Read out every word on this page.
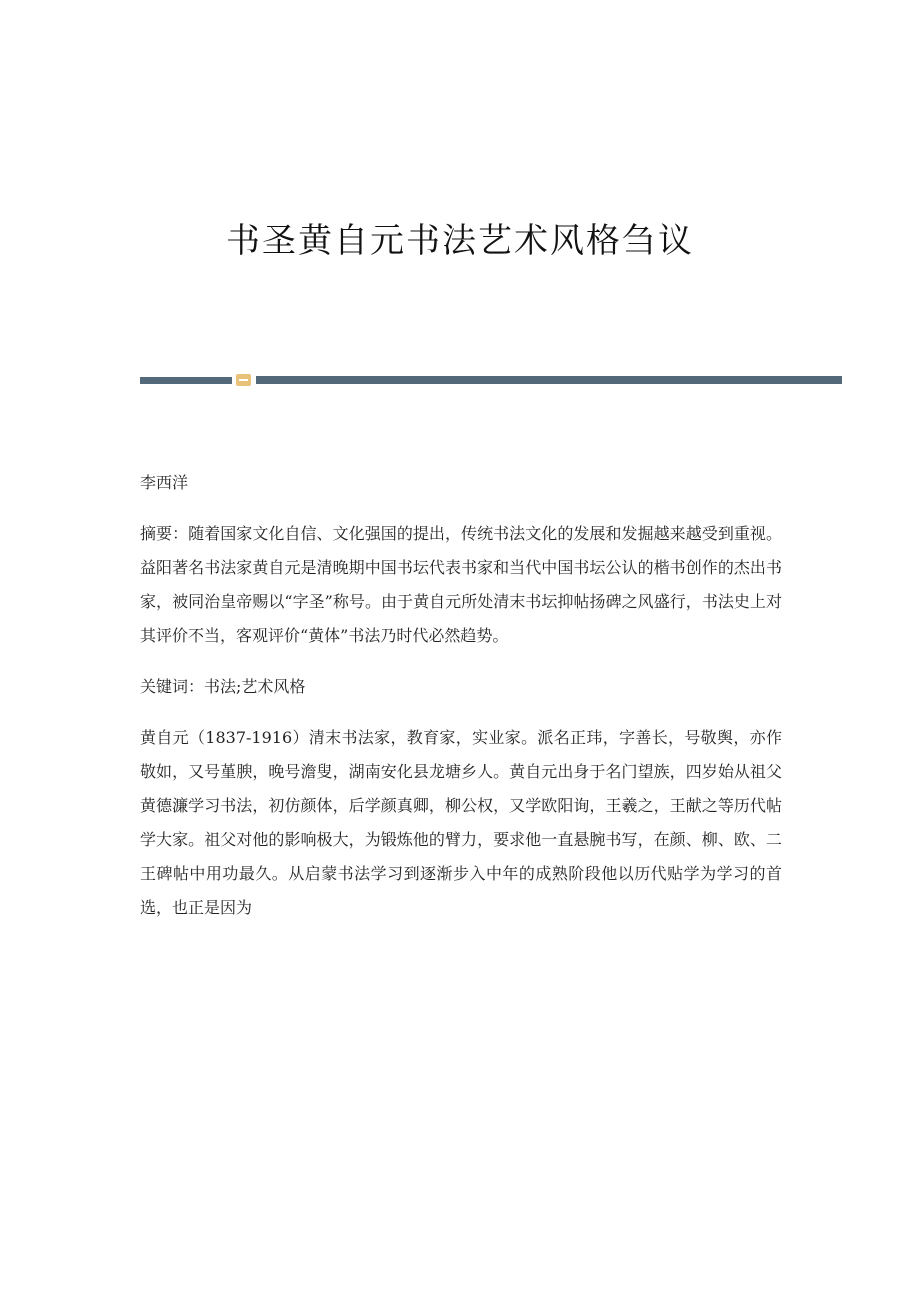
书圣黄自元书法艺术风格刍议

李西洋

摘要：随着国家文化自信、文化强国的提出，传统书法文化的发展和发掘越来越受到重视。益阳著名书法家黄自元是清晚期中国书坛代表书家和当代中国书坛公认的楷书创作的杰出书家，被同治皇帝赐以“字圣”称号。由于黄自元所处清末书坛抑帖扬碑之风盛行，书法史上对其评价不当，客观评价“黄体”书法乃时代必然趋势。

关键词：书法;艺术风格

黄自元（1837-1916）清末书法家，教育家，实业家。派名正玮，字善长，号敬舆，亦作敬如，又号堇腴，晚号澹叟，湖南安化县龙塘乡人。黄自元出身于名门望族，四岁始从祖父黄德濂学习书法，初仿颜体，后学颜真卿，柳公权，又学欧阳询，王羲之，王献之等历代帖学大家。祖父对他的影响极大，为锻炼他的臂力，要求他一直悬腕书写，在颜、柳、欧、二王碑帖中用功最久。从启蒙书法学习到逐渐步入中年的成熟阶段他以历代贴学为学习的首选，也正是因为
